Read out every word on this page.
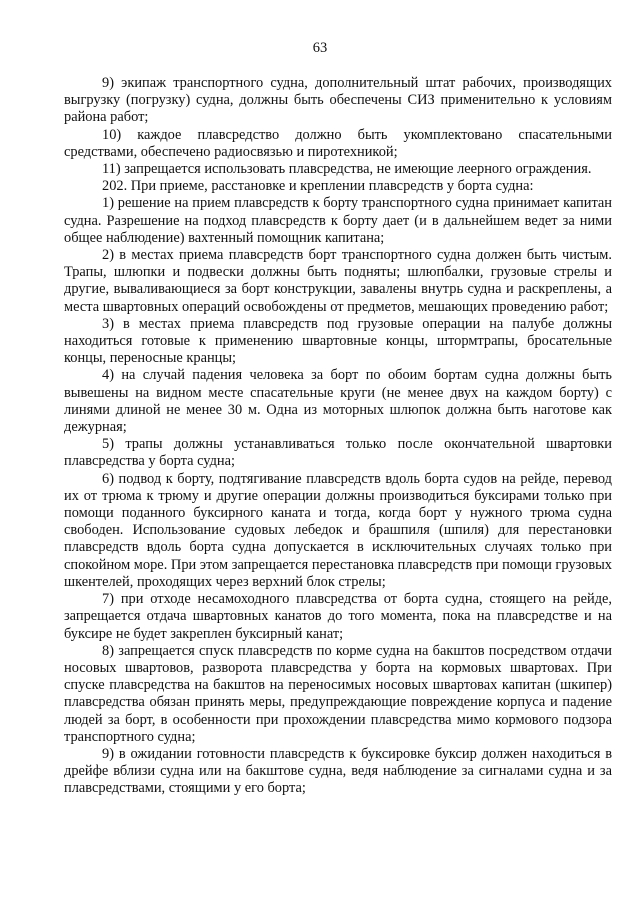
63

9) экипаж транспортного судна, дополнительный штат рабочих, производящих выгрузку (погрузку) судна, должны быть обеспечены СИЗ применительно к условиям района работ;

10) каждое плавсредство должно быть укомплектовано спасательными средствами, обеспечено радиосвязью и пиротехникой;

11) запрещается использовать плавсредства, не имеющие леерного ограждения.

202. При приеме, расстановке и креплении плавсредств у борта судна:

1) решение на прием плавсредств к борту транспортного судна принимает капитан судна. Разрешение на подход плавсредств к борту дает (и в дальнейшем ведет за ними общее наблюдение) вахтенный помощник капитана;

2) в местах приема плавсредств борт транспортного судна должен быть чистым. Трапы, шлюпки и подвески должны быть подняты; шлюпбалки, грузовые стрелы и другие, вываливающиеся за борт конструкции, завалены внутрь судна и раскреплены, а места швартовных операций освобождены от предметов, мешающих проведению работ;

3) в местах приема плавсредств под грузовые операции на палубе должны находиться готовые к применению швартовные концы, штормтрапы, бросательные концы, переносные кранцы;

4) на случай падения человека за борт по обоим бортам судна должны быть вывешены на видном месте спасательные круги (не менее двух на каждом борту) с линями длиной не менее 30 м. Одна из моторных шлюпок должна быть наготове как дежурная;

5) трапы должны устанавливаться только после окончательной швартовки плавсредства у борта судна;

6) подвод к борту, подтягивание плавсредств вдоль борта судов на рейде, перевод их от трюма к трюму и другие операции должны производиться буксирами только при помощи поданного буксирного каната и тогда, когда борт у нужного трюма судна свободен. Использование судовых лебедок и брашпиля (шпиля) для перестановки плавсредств вдоль борта судна допускается в исключительных случаях только при спокойном море. При этом запрещается перестановка плавсредств при помощи грузовых шкентелей, проходящих через верхний блок стрелы;

7) при отходе несамоходного плавсредства от борта судна, стоящего на рейде, запрещается отдача швартовных канатов до того момента, пока на плавсредстве и на буксире не будет закреплен буксирный канат;

8) запрещается спуск плавсредств по корме судна на бакштов посредством отдачи носовых швартовов, разворота плавсредства у борта на кормовых швартовах. При спуске плавсредства на бакштов на переносимых носовых швартовах капитан (шкипер) плавсредства обязан принять меры, предупреждающие повреждение корпуса и падение людей за борт, в особенности при прохождении плавсредства мимо кормового подзора транспортного судна;

9) в ожидании готовности плавсредств к буксировке буксир должен находиться в дрейфе вблизи судна или на бакштове судна, ведя наблюдение за сигналами судна и за плавсредствами, стоящими у его борта;
